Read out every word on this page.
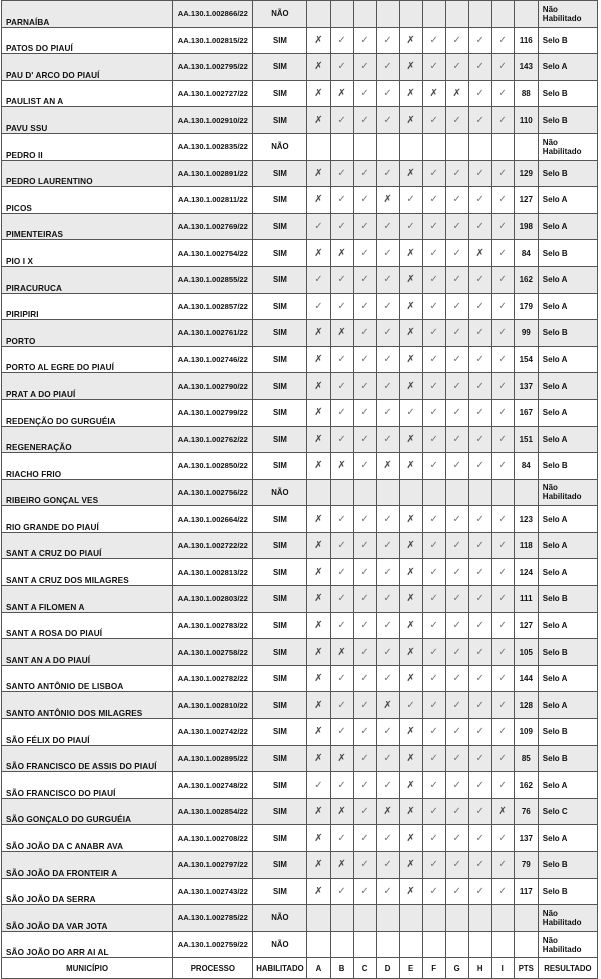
PARNAÍBA	AA.130.1.002866/22	NÃO											Não Habilitado
PATOS DO PIAUÍ	AA.130.1.002815/22	SIM	✗	✓	✓	✓	✗	✓	✓	✓	✓	116	Selo B
PAU D' ARCO DO PIAUÍ	AA.130.1.002795/22	SIM	✗	✓	✓	✓	✗	✓	✓	✓	✓	143	Selo A
PAULIST AN A	AA.130.1.002727/22	SIM	✗	✗	✓	✓	✗	✗	✗	✓	✓	88	Selo B
PAVU SSU	AA.130.1.002910/22	SIM	✗	✓	✓	✓	✗	✓	✓	✓	✓	110	Selo B
PEDRO II	AA.130.1.002835/22	NÃO											Não Habilitado
PEDRO LAURENTINO	AA.130.1.002891/22	SIM	✗	✓	✓	✓	✗	✓	✓	✓	✓	129	Selo B
PICOS	AA.130.1.002811/22	SIM	✗	✓	✓	✗	✓	✓	✓	✓	✓	127	Selo A
PIMENTEIRAS	AA.130.1.002769/22	SIM	✓	✓	✓	✓	✓	✓	✓	✓	✓	198	Selo A
PIO I X	AA.130.1.002754/22	SIM	✗	✗	✓	✓	✗	✓	✓	✗	✓	84	Selo B
PIRACURUCA	AA.130.1.002855/22	SIM	✓	✓	✓	✓	✗	✓	✓	✓	✓	162	Selo A
PIRIPIRI	AA.130.1.002857/22	SIM	✓	✓	✓	✓	✗	✓	✓	✓	✓	179	Selo A
PORTO	AA.130.1.002761/22	SIM	✗	✗	✓	✓	✗	✓	✓	✓	✓	99	Selo B
PORTO AL EGRE DO PIAUÍ	AA.130.1.002746/22	SIM	✗	✓	✓	✓	✗	✓	✓	✓	✓	154	Selo A
PRAT A DO PIAUÍ	AA.130.1.002790/22	SIM	✗	✓	✓	✓	✗	✓	✓	✓	✓	137	Selo A
REDENÇÃO DO GURGUÉIA	AA.130.1.002799/22	SIM	✗	✓	✓	✓	✓	✓	✓	✓	✓	167	Selo A
REGENERAÇÃO	AA.130.1.002762/22	SIM	✗	✓	✓	✓	✗	✓	✓	✓	✓	151	Selo A
RIACHO FRIO	AA.130.1.002850/22	SIM	✗	✗	✓	✗	✗	✓	✓	✓	✓	84	Selo B
RIBEIRO GONÇAL VES	AA.130.1.002756/22	NÃO											Não Habilitado
RIO GRANDE DO PIAUÍ	AA.130.1.002664/22	SIM	✗	✓	✓	✓	✗	✓	✓	✓	✓	123	Selo A
SANT A CRUZ DO PIAUÍ	AA.130.1.002722/22	SIM	✗	✓	✓	✓	✗	✓	✓	✓	✓	118	Selo A
SANT A CRUZ DOS MILAGRES	AA.130.1.002813/22	SIM	✗	✓	✓	✓	✗	✓	✓	✓	✓	124	Selo A
SANT A FILOMEN A	AA.130.1.002803/22	SIM	✗	✓	✓	✓	✗	✓	✓	✓	✓	111	Selo B
SANT A ROSA DO PIAUÍ	AA.130.1.002783/22	SIM	✗	✓	✓	✓	✗	✓	✓	✓	✓	127	Selo A
SANT AN A DO PIAUÍ	AA.130.1.002758/22	SIM	✗	✗	✓	✓	✗	✓	✓	✓	✓	105	Selo B
SANTO ANTÔNIO DE LISBOA	AA.130.1.002782/22	SIM	✗	✓	✓	✓	✗	✓	✓	✓	✓	144	Selo A
SANTO ANTÔNIO DOS MILAGRES	AA.130.1.002810/22	SIM	✗	✓	✓	✗	✓	✓	✓	✓	✓	128	Selo A
SÃO FÉLIX DO PIAUÍ	AA.130.1.002742/22	SIM	✗	✓	✓	✓	✗	✓	✓	✓	✓	109	Selo B
SÃO FRANCISCO DE ASSIS DO PIAUÍ	AA.130.1.002895/22	SIM	✗	✗	✓	✓	✗	✓	✓	✓	✓	85	Selo B
SÃO FRANCISCO DO PIAUÍ	AA.130.1.002748/22	SIM	✓	✓	✓	✓	✗	✓	✓	✓	✓	162	Selo A
SÃO GONÇALO DO GURGUÉIA	AA.130.1.002854/22	SIM	✗	✗	✓	✗	✗	✓	✓	✓	✗	76	Selo C
SÃO JOÃO DA C ANABR AVA	AA.130.1.002708/22	SIM	✗	✓	✓	✓	✗	✓	✓	✓	✓	137	Selo A
SÃO JOÃO DA FRONTEIR A	AA.130.1.002797/22	SIM	✗	✗	✓	✓	✗	✓	✓	✓	✓	79	Selo B
SÃO JOÃO DA SERRA	AA.130.1.002743/22	SIM	✗	✓	✓	✓	✗	✓	✓	✓	✓	117	Selo B
SÃO JOÃO DA VAR JOTA	AA.130.1.002785/22	NÃO											Não Habilitado
SÃO JOÃO DO ARR AI AL	AA.130.1.002759/22	NÃO											Não Habilitado
MUNICÍPIO	PROCESSO	HABILITADO	A	B	C	D	E	F	G	H	I	PTS	RESULTADO
